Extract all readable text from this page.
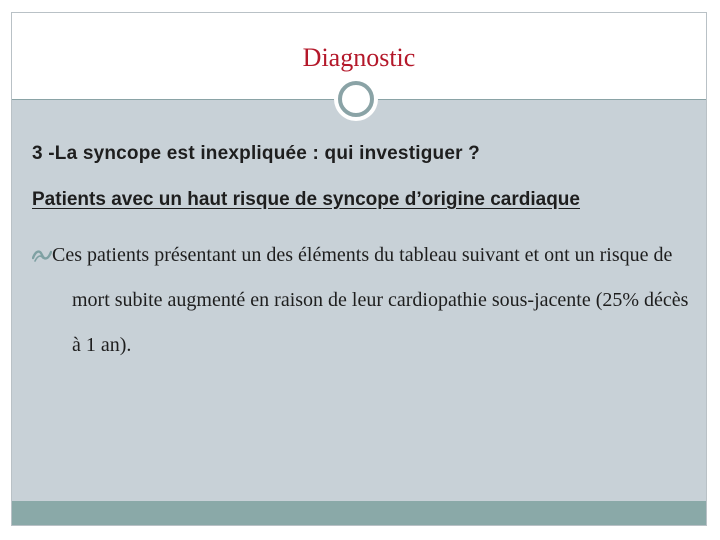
Diagnostic
3 -La syncope est inexpliquée : qui investiguer ?
Patients avec un haut risque de syncope d’origine cardiaque
Ces patients présentant un des éléments du tableau suivant et ont un risque de mort subite augmenté en raison de leur cardiopathie sous-jacente (25% décès à 1 an).
